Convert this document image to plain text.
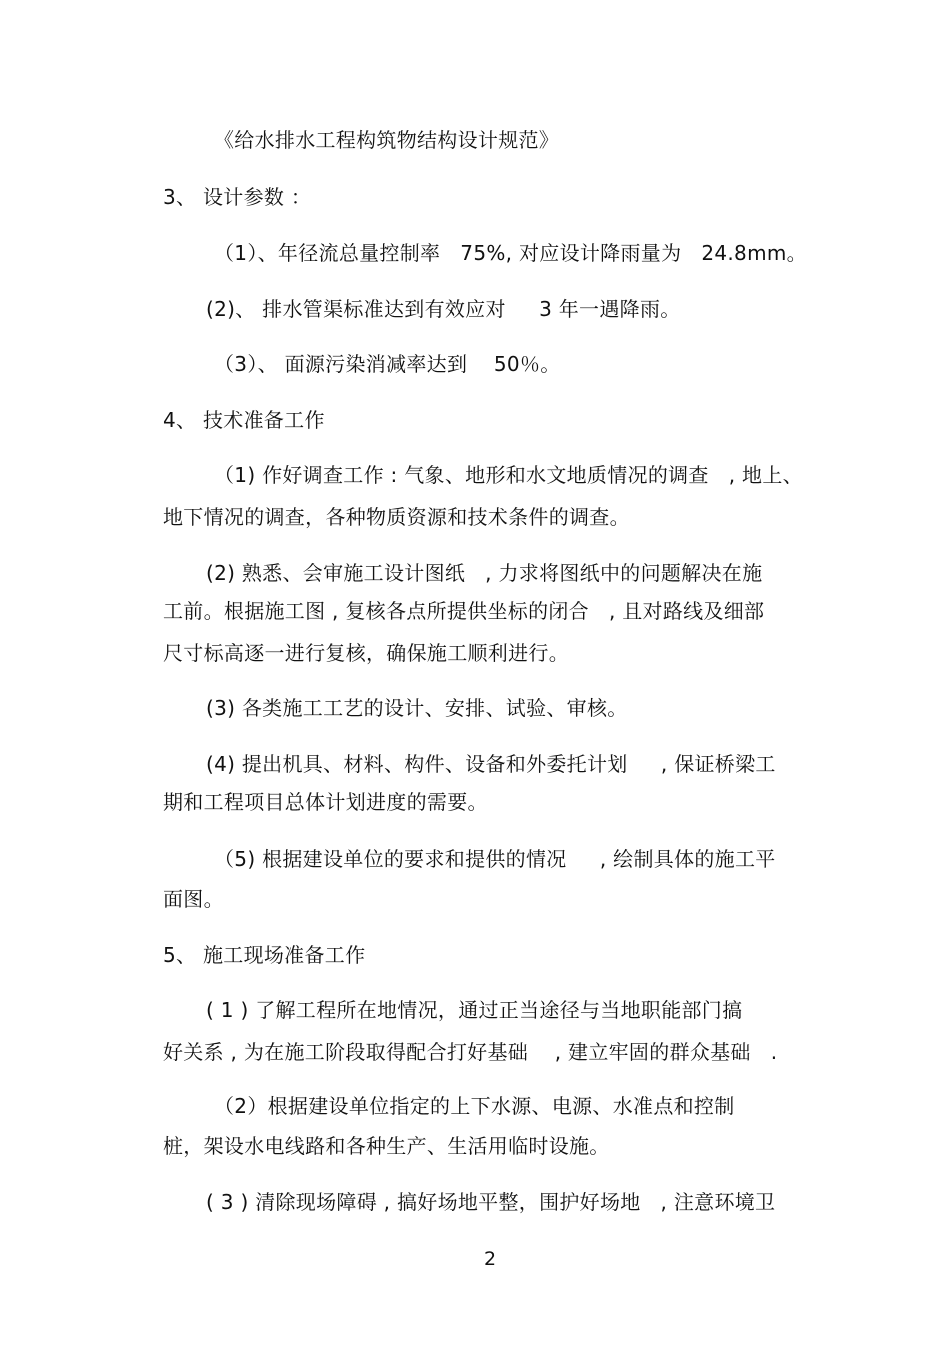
《给水排水工程构筑物结构设计规范》

3、 设计参数 ：

（1）、年径流总量控制率   75%, 对应设计降雨量为   24.8mm。

(2)、 排水管渠标准达到有效应对     3 年一遇降雨。

（3）、 面源污染消减率达到    50％。

4、 技术准备工作

（1) 作好调查工作 : 气象、地形和水文地质情况的调查   , 地上、

地下情况的调查，各种物质资源和技术条件的调查。

(2) 熟悉、会审施工设计图纸   , 力求将图纸中的问题解决在施

工前。根据施工图 , 复核各点所提供坐标的闭合   , 且对路线及细部

尺寸标高逐一进行复核，确保施工顺利进行。

(3) 各类施工工艺的设计、安排、试验、审核。

(4) 提出机具、材料、构件、设备和外委托计划     , 保证桥梁工

期和工程项目总体计划进度的需要。

（5) 根据建设单位的要求和提供的情况     , 绘制具体的施工平

面图。

5、 施工现场准备工作

( 1 ) 了解工程所在地情况，通过正当途径与当地职能部门搞

好关系 , 为在施工阶段取得配合打好基础    , 建立牢固的群众基础   .

（2）根据建设单位指定的上下水源、电源、水准点和控制

桩，架设水电线路和各种生产、生活用临时设施。

( 3 ) 清除现场障碍 , 搞好场地平整，围护好场地   , 注意环境卫

2
